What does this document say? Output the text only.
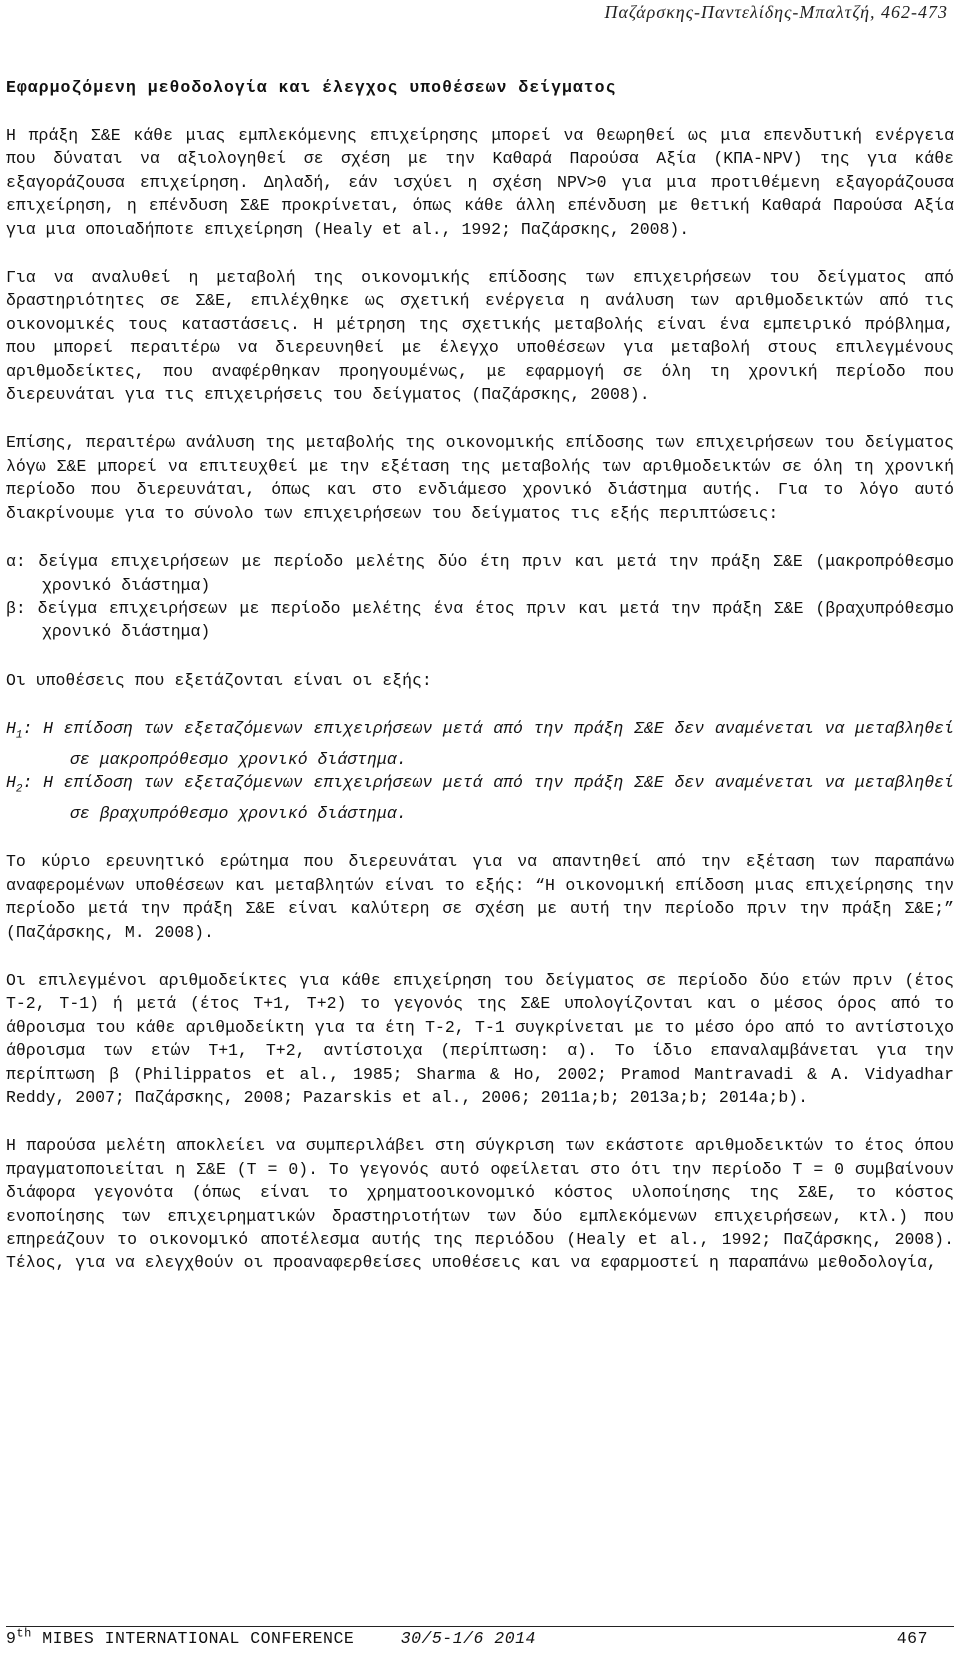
Παζάρσκης-Παντελίδης-Μπαλτζή, 462-473
Εφαρμοζόμενη μεθοδολογία και έλεγχος υποθέσεων δείγματος

Η πράξη Σ&Ε κάθε μιας εμπλεκόμενης επιχείρησης μπορεί να θεωρηθεί ως μια επενδυτική ενέργεια που δύναται να αξιολογηθεί σε σχέση με την Καθαρά Παρούσα Αξία (ΚΠΑ-NPV) της για κάθε εξαγοράζουσα επιχείρηση. Δηλαδή, εάν ισχύει η σχέση NPV>0 για μια προτιθέμενη εξαγοράζουσα επιχείρηση, η επένδυση Σ&Ε προκρίνεται, όπως κάθε άλλη επένδυση με θετική Καθαρά Παρούσα Αξία για μια οποιαδήποτε επιχείρηση (Healy et al., 1992; Παζάρσκης, 2008).

Για να αναλυθεί η μεταβολή της οικονομικής επίδοσης των επιχειρήσεων του δείγματος από δραστηριότητες σε Σ&Ε, επιλέχθηκε ως σχετική ενέργεια η ανάλυση των αριθμοδεικτών από τις οικονομικές τους καταστάσεις. Η μέτρηση της σχετικής μεταβολής είναι ένα εμπειρικό πρόβλημα, που μπορεί περαιτέρω να διερευνηθεί με έλεγχο υποθέσεων για μεταβολή στους επιλεγμένους αριθμοδείκτες, που αναφέρθηκαν προηγουμένως, με εφαρμογή σε όλη τη χρονική περίοδο που διερευνάται για τις επιχειρήσεις του δείγματος (Παζάρσκης, 2008).

Επίσης, περαιτέρω ανάλυση της μεταβολής της οικονομικής επίδοσης των επιχειρήσεων του δείγματος λόγω Σ&Ε μπορεί να επιτευχθεί με την εξέταση της μεταβολής των αριθμοδεικτών σε όλη τη χρονική περίοδο που διερευνάται, όπως και στο ενδιάμεσο χρονικό διάστημα αυτής. Για το λόγο αυτό διακρίνουμε για το σύνολο των επιχειρήσεων του δείγματος τις εξής περιπτώσεις:

α: δείγμα επιχειρήσεων με περίοδο μελέτης δύο έτη πριν και μετά την πράξη Σ&Ε (μακροπρόθεσμο χρονικό διάστημα)

β: δείγμα επιχειρήσεων με περίοδο μελέτης ένα έτος πριν και μετά την πράξη Σ&Ε (βραχυπρόθεσμο χρονικό διάστημα)

Οι υποθέσεις που εξετάζονται είναι οι εξής:

$H_1$: Η επίδοση των εξεταζόμενων επιχειρήσεων μετά από την πράξη Σ&Ε δεν αναμένεται να μεταβληθεί σε μακροπρόθεσμο χρονικό διάστημα.

$H_2$: Η επίδοση των εξεταζόμενων επιχειρήσεων μετά από την πράξη Σ&Ε δεν αναμένεται να μεταβληθεί σε βραχυπρόθεσμο χρονικό διάστημα.

Το κύριο ερευνητικό ερώτημα που διερευνάται για να απαντηθεί από την εξέταση των παραπάνω αναφερομένων υποθέσεων και μεταβλητών είναι το εξής: “Η οικονομική επίδοση μιας επιχείρησης την περίοδο μετά την πράξη Σ&Ε είναι καλύτερη σε σχέση με αυτή την περίοδο πριν την πράξη Σ&Ε;” (Παζάρσκης, Μ. 2008).

Οι επιλεγμένοι αριθμοδείκτες για κάθε επιχείρηση του δείγματος σε περίοδο δύο ετών πριν (έτος T-2, T-1) ή μετά (έτος T+1, T+2) το γεγονός της Σ&Ε υπολογίζονται και ο μέσος όρος από το άθροισμα του κάθε αριθμοδείκτη για τα έτη T-2, T-1 συγκρίνεται με το μέσο όρο από το αντίστοιχο άθροισμα των ετών T+1, T+2, αντίστοιχα (περίπτωση: α). Το ίδιο επαναλαμβάνεται για την περίπτωση β (Philippatos et al., 1985; Sharma & Ho, 2002; Pramod Mantravadi & A. Vidyadhar Reddy, 2007; Παζάρσκης, 2008; Pazarskis et al., 2006; 2011a;b; 2013a;b; 2014a;b).

Η παρούσα μελέτη αποκλείει να συμπεριλάβει στη σύγκριση των εκάστοτε αριθμοδεικτών το έτος όπου πραγματοποιείται η Σ&Ε (T = 0). Το γεγονός αυτό οφείλεται στο ότι την περίοδο T = 0 συμβαίνουν διάφορα γεγονότα (όπως είναι το χρηματοοικονομικό κόστος υλοποίησης της Σ&Ε, το κόστος ενοποίησης των επιχειρηματικών δραστηριοτήτων των δύο εμπλεκόμενων επιχειρήσεων, κτλ.) που επηρεάζουν το οικονομικό αποτέλεσμα αυτής της περιόδου (Healy et al., 1992; Παζάρσκης, 2008). Τέλος, για να ελεγχθούν οι προαναφερθείσες υποθέσεις και να εφαρμοστεί η παραπάνω μεθοδολογία,

9th MIBES INTERNATIONAL CONFERENCE	30/5-1/6 2014	467
